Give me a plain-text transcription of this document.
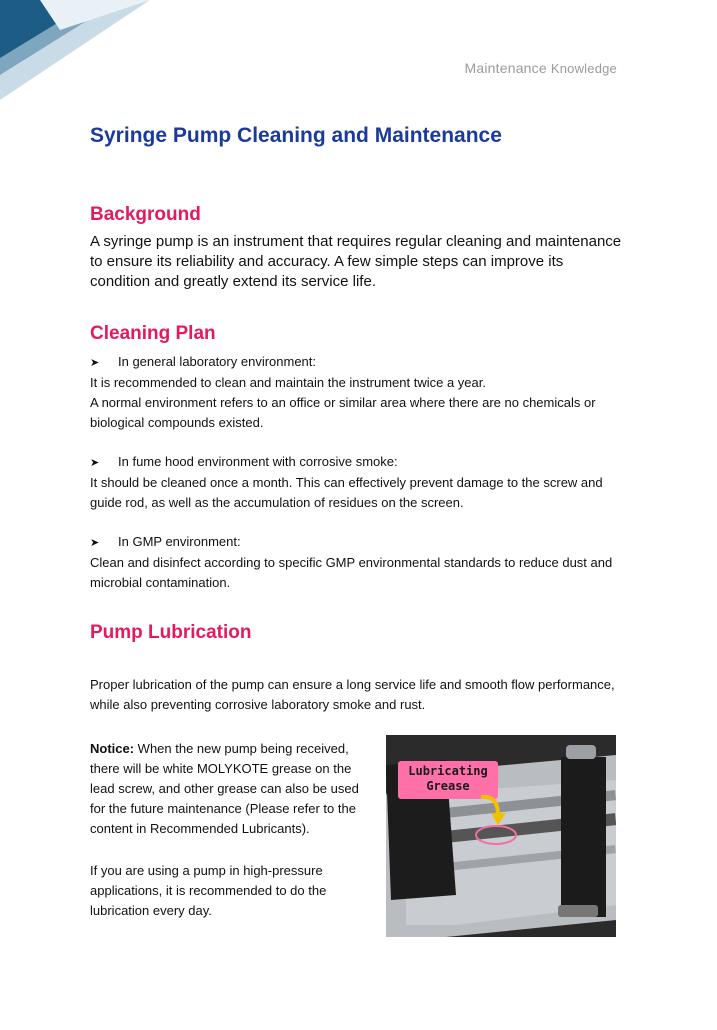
Maintenance Knowledge
Syringe Pump Cleaning and Maintenance
Background
A syringe pump is an instrument that requires regular cleaning and maintenance to ensure its reliability and accuracy. A few simple steps can improve its condition and greatly extend its service life.
Cleaning Plan
➤ In general laboratory environment:
It is recommended to clean and maintain the instrument twice a year.
A normal environment refers to an office or similar area where there are no chemicals or biological compounds existed.
➤ In fume hood environment with corrosive smoke:
It should be cleaned once a month. This can effectively prevent damage to the screw and guide rod, as well as the accumulation of residues on the screen.
➤ In GMP environment:
Clean and disinfect according to specific GMP environmental standards to reduce dust and microbial contamination.
Pump Lubrication
Proper lubrication of the pump can ensure a long service life and smooth flow performance, while also preventing corrosive laboratory smoke and rust.
Notice: When the new pump being received, there will be white MOLYKOTE grease on the lead screw, and other grease can also be used for the future maintenance (Please refer to the content in Recommended Lubricants).
If you are using a pump in high-pressure applications, it is recommended to do the lubrication every day.
Lubricating
Grease
